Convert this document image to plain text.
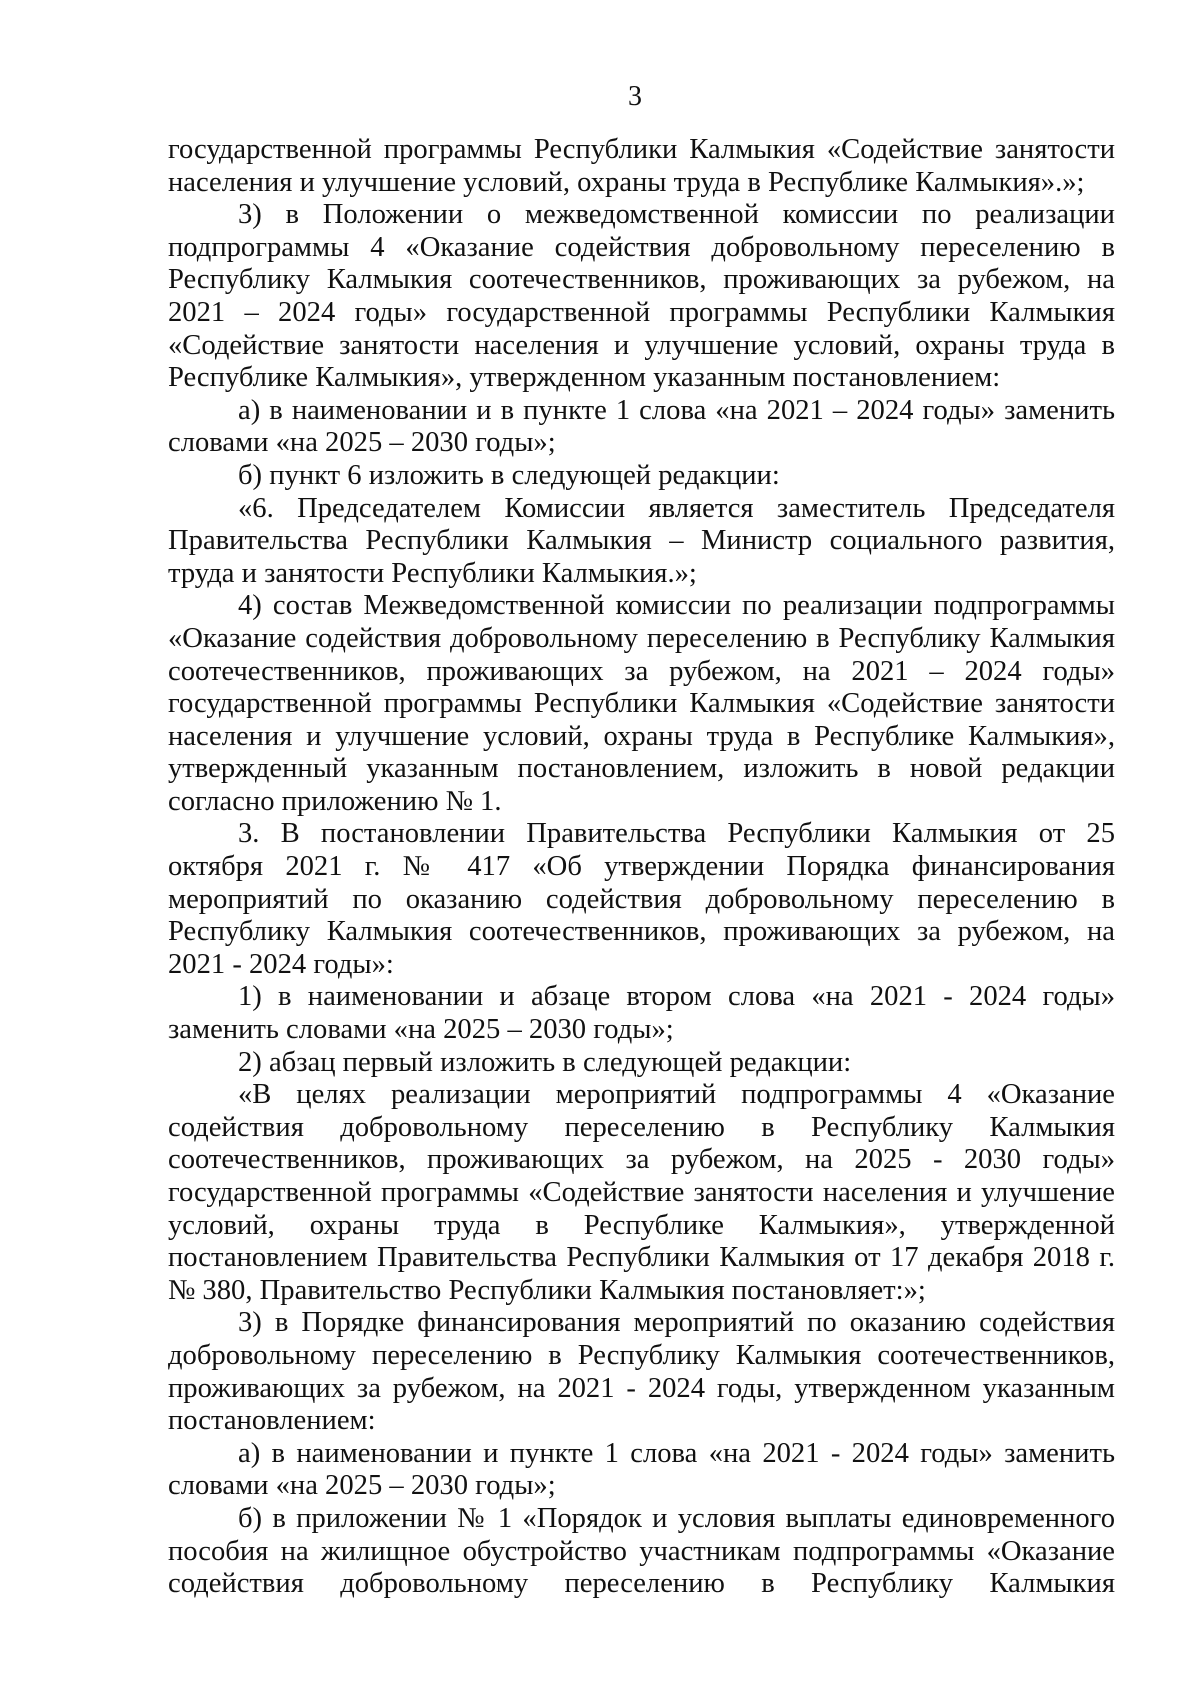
3

государственной программы Республики Калмыкия «Содействие занятости населения и улучшение условий, охраны труда в Республике Калмыкия».»;

3) в Положении о межведомственной комиссии по реализации подпрограммы 4 «Оказание содействия добровольному переселению в Республику Калмыкия соотечественников, проживающих за рубежом, на 2021 – 2024 годы» государственной программы Республики Калмыкия «Содействие занятости населения и улучшение условий, охраны труда в Республике Калмыкия», утвержденном указанным постановлением:

а) в наименовании и в пункте 1 слова «на 2021 – 2024 годы» заменить словами «на 2025 – 2030 годы»;

б) пункт 6 изложить в следующей редакции:

«6. Председателем Комиссии является заместитель Председателя Правительства Республики Калмыкия – Министр социального развития, труда и занятости Республики Калмыкия.»;

4) состав Межведомственной комиссии по реализации подпрограммы «Оказание содействия добровольному переселению в Республику Калмыкия соотечественников, проживающих за рубежом, на 2021 – 2024 годы» государственной программы Республики Калмыкия «Содействие занятости населения и улучшение условий, охраны труда в Республике Калмыкия», утвержденный указанным постановлением, изложить в новой редакции согласно приложению № 1.

3. В постановлении Правительства Республики Калмыкия от 25 октября 2021 г. № 417 «Об утверждении Порядка финансирования мероприятий по оказанию содействия добровольному переселению в Республику Калмыкия соотечественников, проживающих за рубежом, на 2021 - 2024 годы»:

1) в наименовании и абзаце втором слова «на 2021 - 2024 годы» заменить словами «на 2025 – 2030 годы»;

2) абзац первый изложить в следующей редакции:

«В целях реализации мероприятий подпрограммы 4 «Оказание содействия добровольному переселению в Республику Калмыкия соотечественников, проживающих за рубежом, на 2025 - 2030 годы» государственной программы «Содействие занятости населения и улучшение условий, охраны труда в Республике Калмыкия», утвержденной постановлением Правительства Республики Калмыкия от 17 декабря 2018 г. № 380, Правительство Республики Калмыкия постановляет:»;

3) в Порядке финансирования мероприятий по оказанию содействия добровольному переселению в Республику Калмыкия соотечественников, проживающих за рубежом, на 2021 - 2024 годы, утвержденном указанным постановлением:

а) в наименовании и пункте 1 слова «на 2021 - 2024 годы» заменить словами «на 2025 – 2030 годы»;

б) в приложении № 1 «Порядок и условия выплаты единовременного пособия на жилищное обустройство участникам подпрограммы «Оказание содействия добровольному переселению в Республику Калмыкия
